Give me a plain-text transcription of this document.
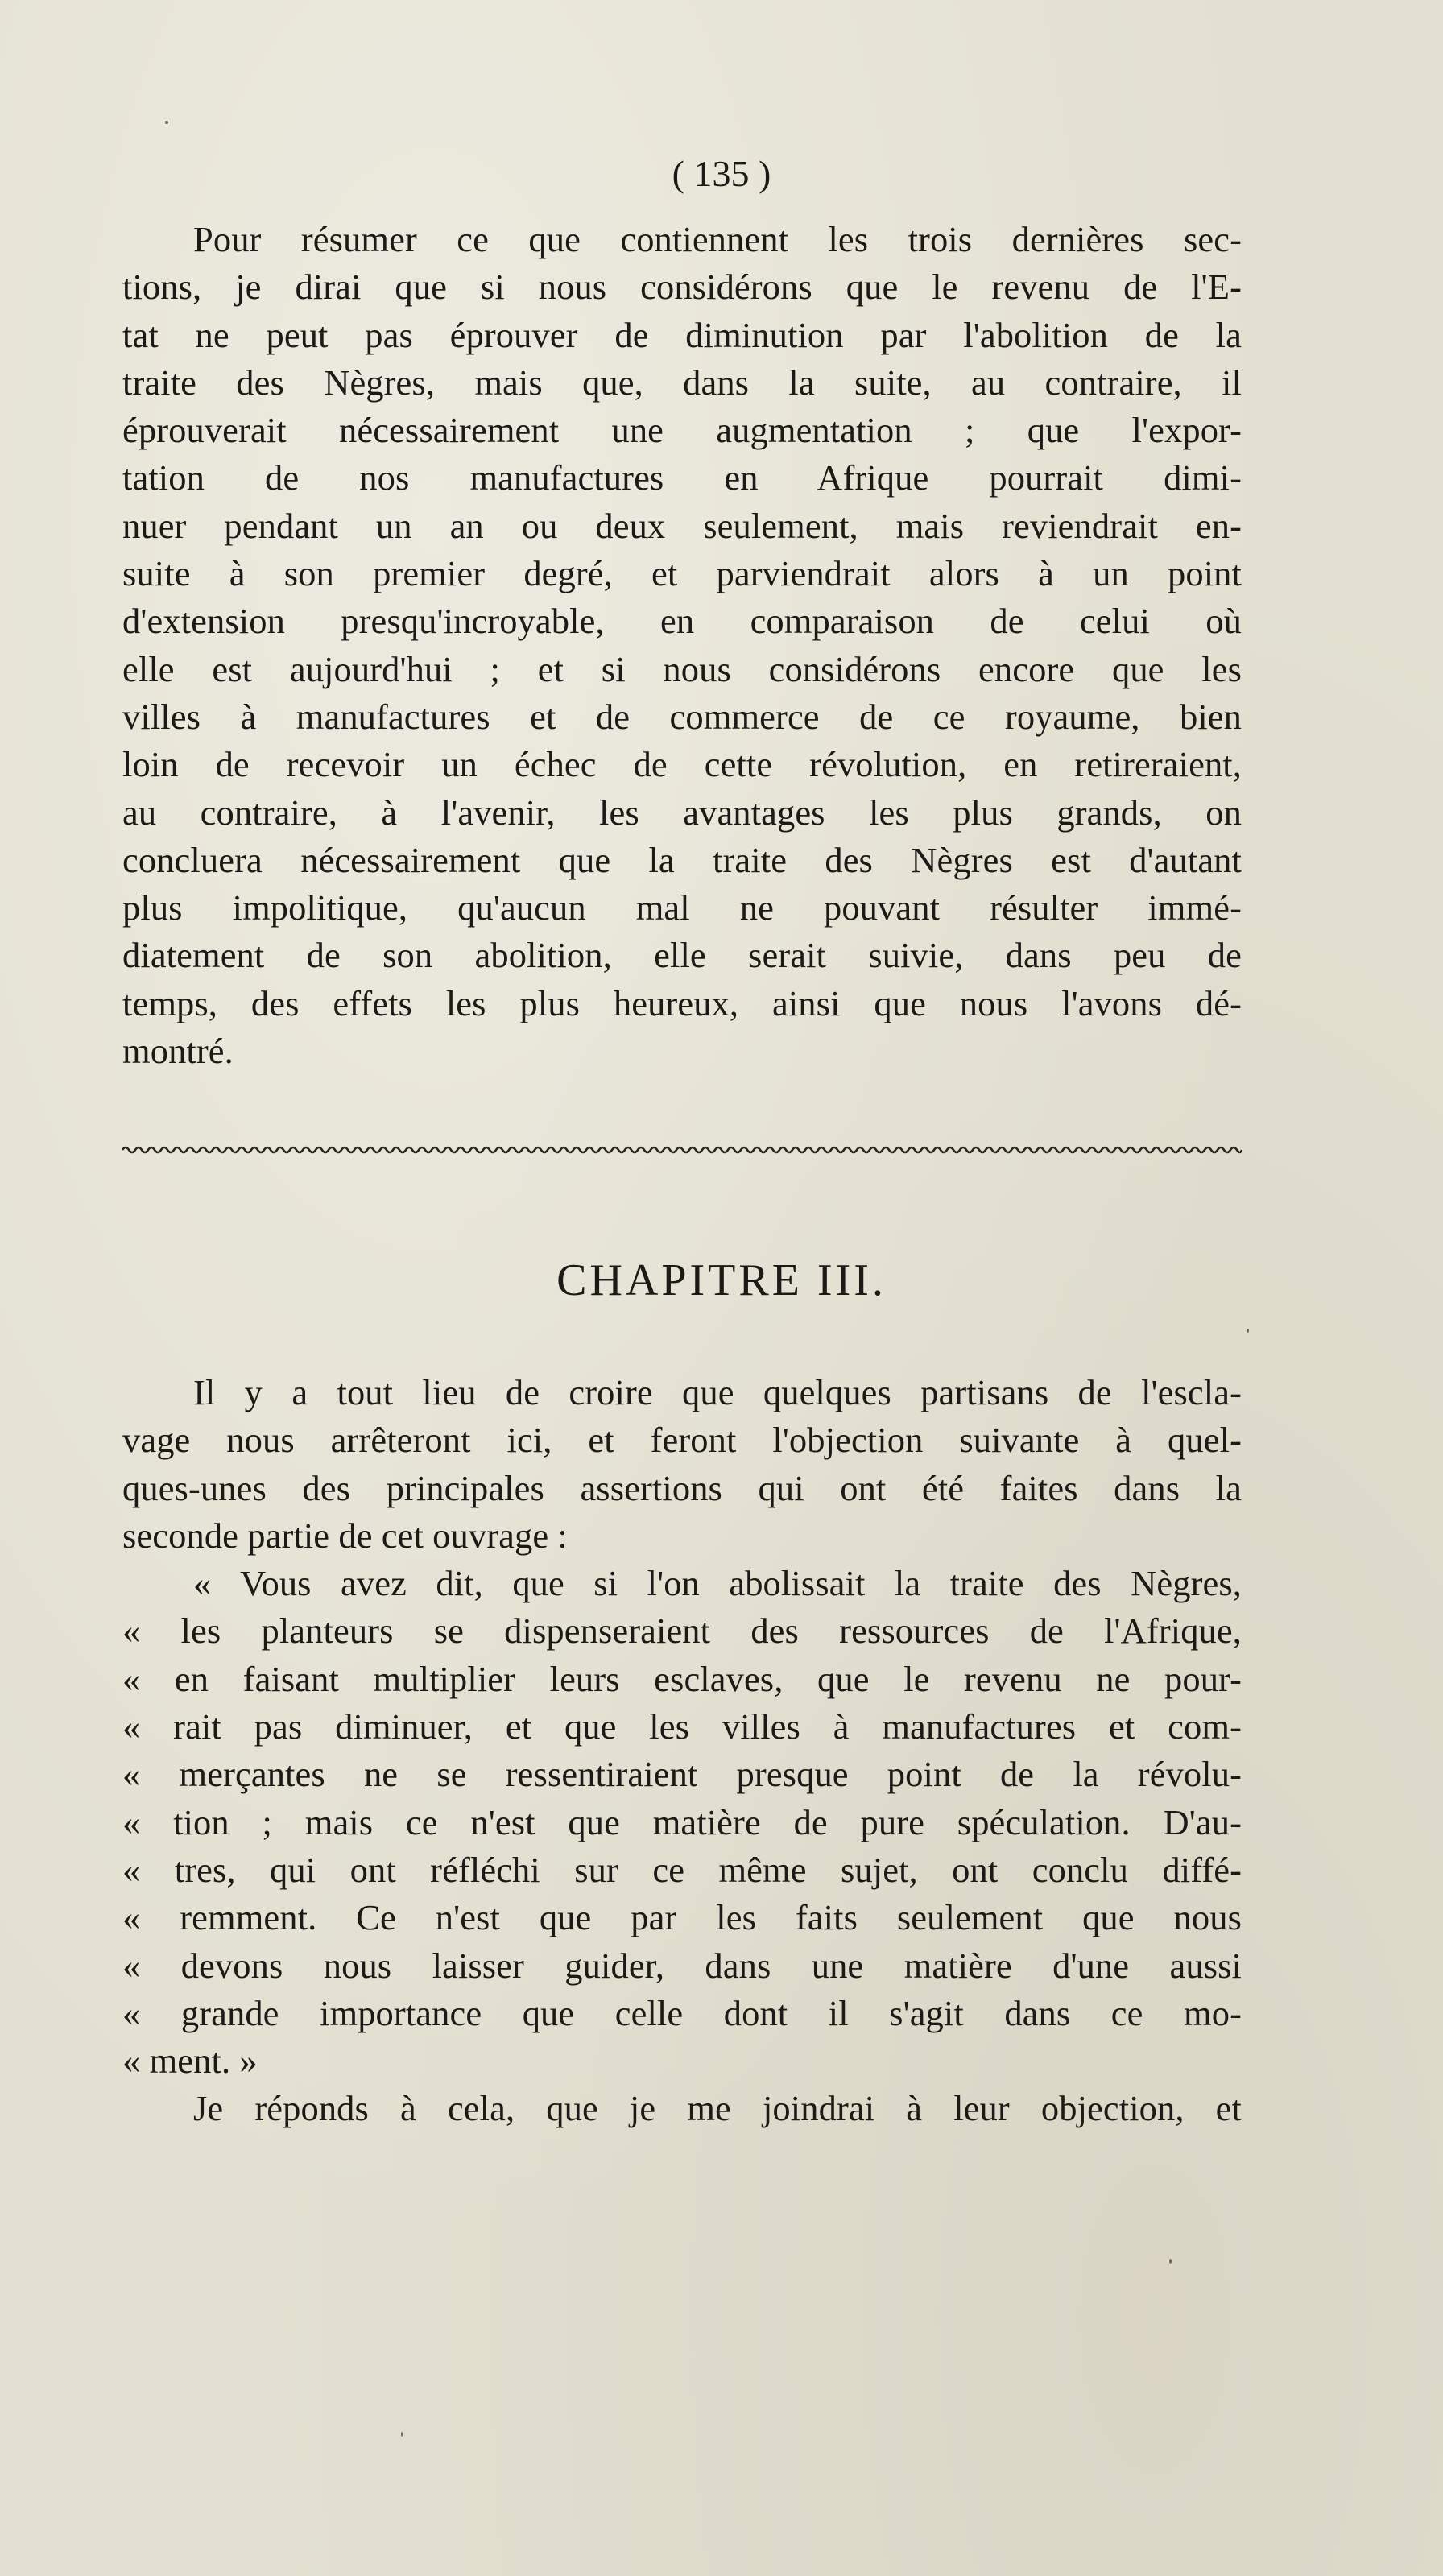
( 135 )
Pour résumer ce que contiennent les trois dernières sec-
tions, je dirai que si nous considérons que le revenu de l'E-
tat ne peut pas éprouver de diminution par l'abolition de la
traite des Nègres, mais que, dans la suite, au contraire, il
éprouverait nécessairement une augmentation ; que l'expor-
tation de nos manufactures en Afrique pourrait dimi-
nuer pendant un an ou deux seulement, mais reviendrait en-
suite à son premier degré, et parviendrait alors à un point
d'extension presqu'incroyable, en comparaison de celui où
elle est aujourd'hui ; et si nous considérons encore que les
villes à manufactures et de commerce de ce royaume, bien
loin de recevoir un échec de cette révolution, en retireraient,
au contraire, à l'avenir, les avantages les plus grands, on
concluera nécessairement que la traite des Nègres est d'autant
plus impolitique, qu'aucun mal ne pouvant résulter immé-
diatement de son abolition, elle serait suivie, dans peu de
temps, des effets les plus heureux, ainsi que nous l'avons dé-
montré.
CHAPITRE III.
Il y a tout lieu de croire que quelques partisans de l'escla-
vage nous arrêteront ici, et feront l'objection suivante à quel-
ques-unes des principales assertions qui ont été faites dans la
seconde partie de cet ouvrage :
« Vous avez dit, que si l'on abolissait la traite des Nègres,
« les planteurs se dispenseraient des ressources de l'Afrique,
« en faisant multiplier leurs esclaves, que le revenu ne pour-
« rait pas diminuer, et que les villes à manufactures et com-
« merçantes ne se ressentiraient presque point de la révolu-
« tion ; mais ce n'est que matière de pure spéculation. D'au-
« tres, qui ont réfléchi sur ce même sujet, ont conclu diffé-
« remment. Ce n'est que par les faits seulement que nous
« devons nous laisser guider, dans une matière d'une aussi
« grande importance que celle dont il s'agit dans ce mo-
« ment. »
Je réponds à cela, que je me joindrai à leur objection, et
